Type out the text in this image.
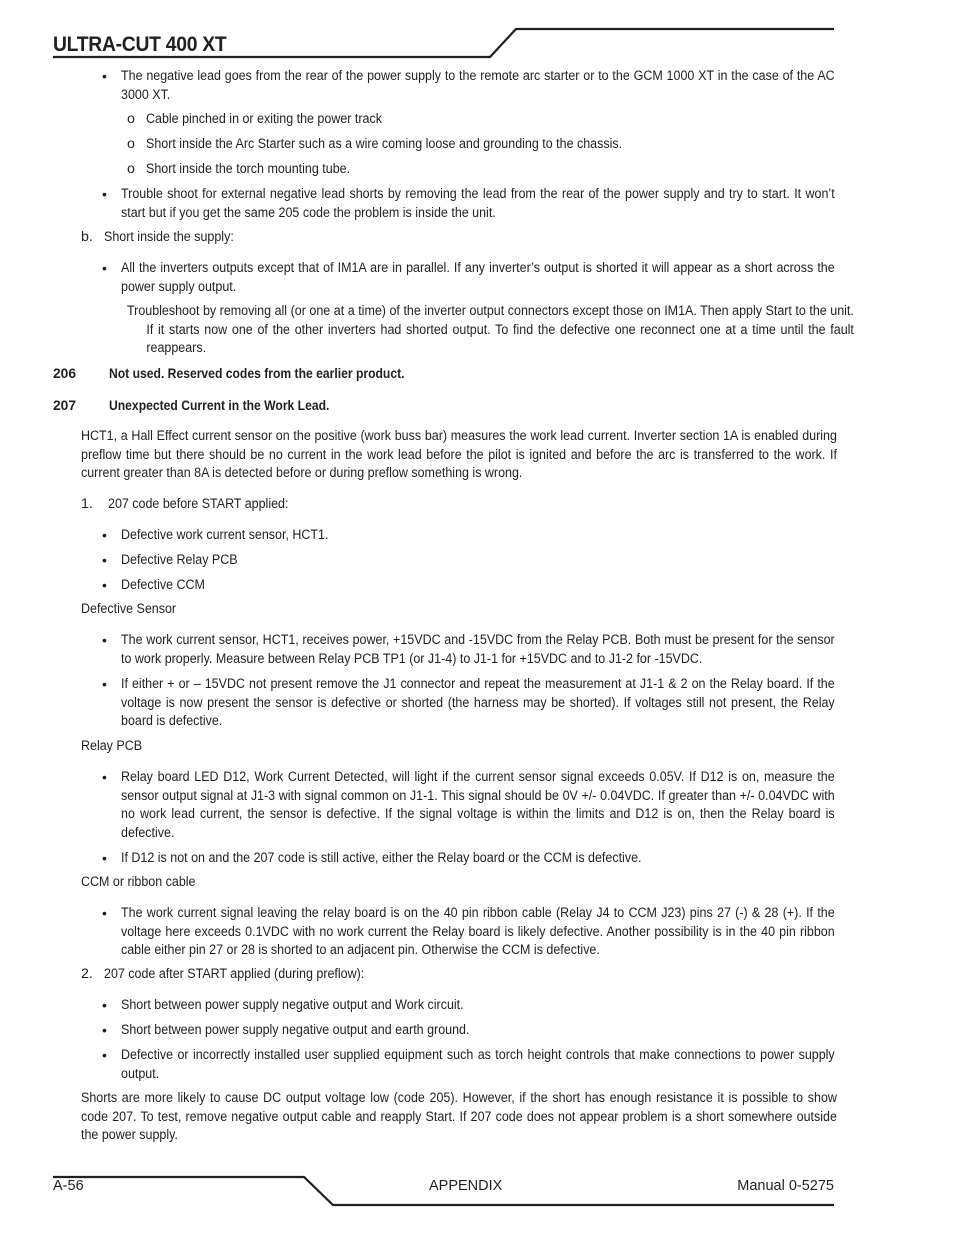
ULTRA-CUT 400 XT
• The negative lead goes from the rear of the power supply to the remote arc starter or to the GCM 1000 XT in the case of the AC 3000 XT.
o Cable pinched in or exiting the power track
o Short inside the Arc Starter such as a wire coming loose and grounding to the chassis.
o Short inside the torch mounting tube.
• Trouble shoot for external negative lead shorts by removing the lead from the rear of the power supply and try to start. It won’t start but if you get the same 205 code the problem is inside the unit.
b. Short inside the supply:
• All the inverters outputs except that of IM1A are in parallel. If any inverter’s output is shorted it will appear as a short across the power supply output.
Troubleshoot by removing all (or one at a time) of the inverter output connectors except those on IM1A. Then apply Start to the unit. If it starts now one of the other inverters had shorted output. To find the defective one reconnect one at a time until the fault reappears.
206 Not used. Reserved codes from the earlier product.
207 Unexpected Current in the Work Lead.
HCT1, a Hall Effect current sensor on the positive (work buss bar) measures the work lead current. Inverter section 1A is enabled during preflow time but there should be no current in the work lead before the pilot is ignited and before the arc is transferred to the work. If current greater than 8A is detected before or during preflow something is wrong.
1. 207 code before START applied:
• Defective work current sensor, HCT1.
• Defective Relay PCB
• Defective CCM
Defective Sensor
• The work current sensor, HCT1, receives power, +15VDC and -15VDC from the Relay PCB. Both must be present for the sensor to work properly. Measure between Relay PCB TP1 (or J1-4) to J1-1 for +15VDC and to J1-2 for -15VDC.
• If either + or – 15VDC not present remove the J1 connector and repeat the measurement at J1-1 & 2 on the Relay board. If the voltage is now present the sensor is defective or shorted (the harness may be shorted). If voltages still not present, the Relay board is defective.
Relay PCB
• Relay board LED D12, Work Current Detected, will light if the current sensor signal exceeds 0.05V. If D12 is on, measure the sensor output signal at J1-3 with signal common on J1-1. This signal should be 0V +/- 0.04VDC. If greater than +/- 0.04VDC with no work lead current, the sensor is defective. If the signal voltage is within the limits and D12 is on, then the Relay board is defective.
• If D12 is not on and the 207 code is still active, either the Relay board or the CCM is defective.
CCM or ribbon cable
• The work current signal leaving the relay board is on the 40 pin ribbon cable (Relay J4 to CCM J23) pins 27 (-) & 28 (+). If the voltage here exceeds 0.1VDC with no work current the Relay board is likely defective. Another possibility is in the 40 pin ribbon cable either pin 27 or 28 is shorted to an adjacent pin. Otherwise the CCM is defective.
2. 207 code after START applied (during preflow):
• Short between power supply negative output and Work circuit.
• Short between power supply negative output and earth ground.
• Defective or incorrectly installed user supplied equipment such as torch height controls that make connections to power supply output.
Shorts are more likely to cause DC output voltage low (code 205). However, if the short has enough resistance it is possible to show code 207. To test, remove negative output cable and reapply Start. If 207 code does not appear problem is a short somewhere outside the power supply.
A-56	APPENDIX	Manual 0-5275
